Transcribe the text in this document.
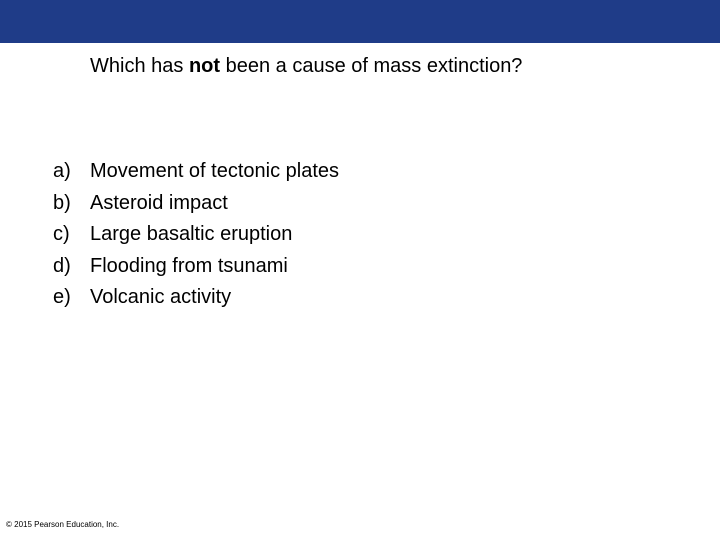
Which has not been a cause of mass extinction?
a) Movement of tectonic plates
b) Asteroid impact
c) Large basaltic eruption
d) Flooding from tsunami
e) Volcanic activity
© 2015 Pearson Education, Inc.
